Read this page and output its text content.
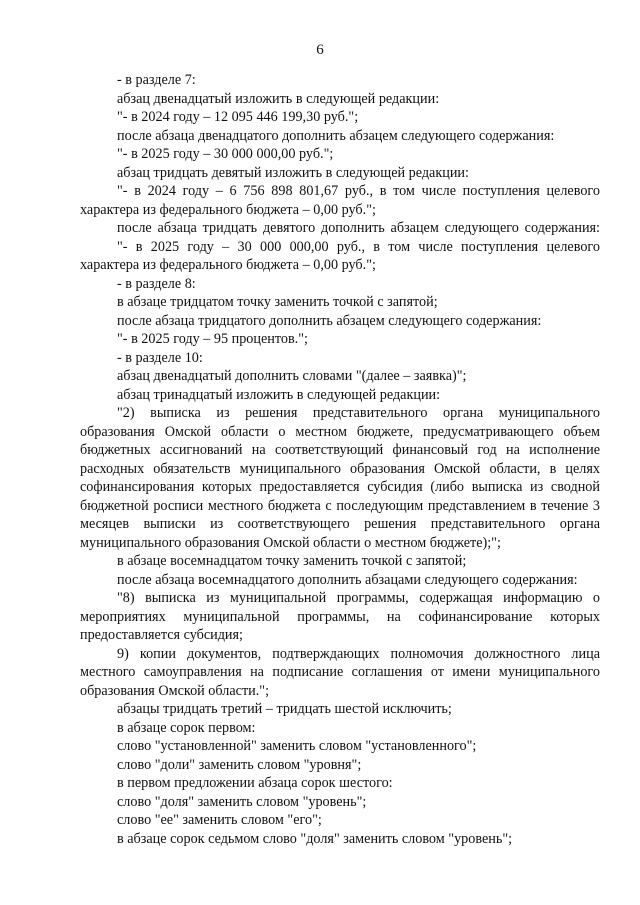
6

- в разделе 7:

абзац двенадцатый изложить в следующей редакции:

"- в 2024 году – 12 095 446 199,30 руб.";

после абзаца двенадцатого дополнить абзацем следующего содержания:

"- в 2025 году – 30 000 000,00 руб.";

абзац тридцать девятый изложить в следующей редакции:

"- в 2024 году – 6 756 898 801,67 руб., в том числе поступления целевого характера из федерального бюджета – 0,00 руб.";

после абзаца тридцать девятого дополнить абзацем следующего содержания:

"- в 2025 году – 30 000 000,00 руб., в том числе поступления целевого характера из федерального бюджета – 0,00 руб.";

- в разделе 8:

в абзаце тридцатом точку заменить точкой с запятой;

после абзаца тридцатого дополнить абзацем следующего содержания:

"- в 2025 году – 95 процентов.";

- в разделе 10:

абзац двенадцатый дополнить словами "(далее – заявка)";

абзац тринадцатый изложить в следующей редакции:

"2) выписка из решения представительного органа муниципального образования Омской области о местном бюджете, предусматривающего объем бюджетных ассигнований на соответствующий финансовый год на исполнение расходных обязательств муниципального образования Омской области, в целях софинансирования которых предоставляется субсидия (либо выписка из сводной бюджетной росписи местного бюджета с последующим представлением в течение 3 месяцев выписки из соответствующего решения представительного органа муниципального образования Омской области о местном бюджете);";

в абзаце восемнадцатом точку заменить точкой с запятой;

после абзаца восемнадцатого дополнить абзацами следующего содержания:

"8) выписка из муниципальной программы, содержащая информацию о мероприятиях муниципальной программы, на софинансирование которых предоставляется субсидия;

9) копии документов, подтверждающих полномочия должностного лица местного самоуправления на подписание соглашения от имени муниципального образования Омской области.";

абзацы тридцать третий – тридцать шестой исключить;

в абзаце сорок первом:

слово "установленной" заменить словом "установленного";

слово "доли" заменить словом "уровня";

в первом предложении абзаца сорок шестого:

слово "доля" заменить словом "уровень";

слово "ее" заменить словом "его";

в абзаце сорок седьмом слово "доля" заменить словом "уровень";
